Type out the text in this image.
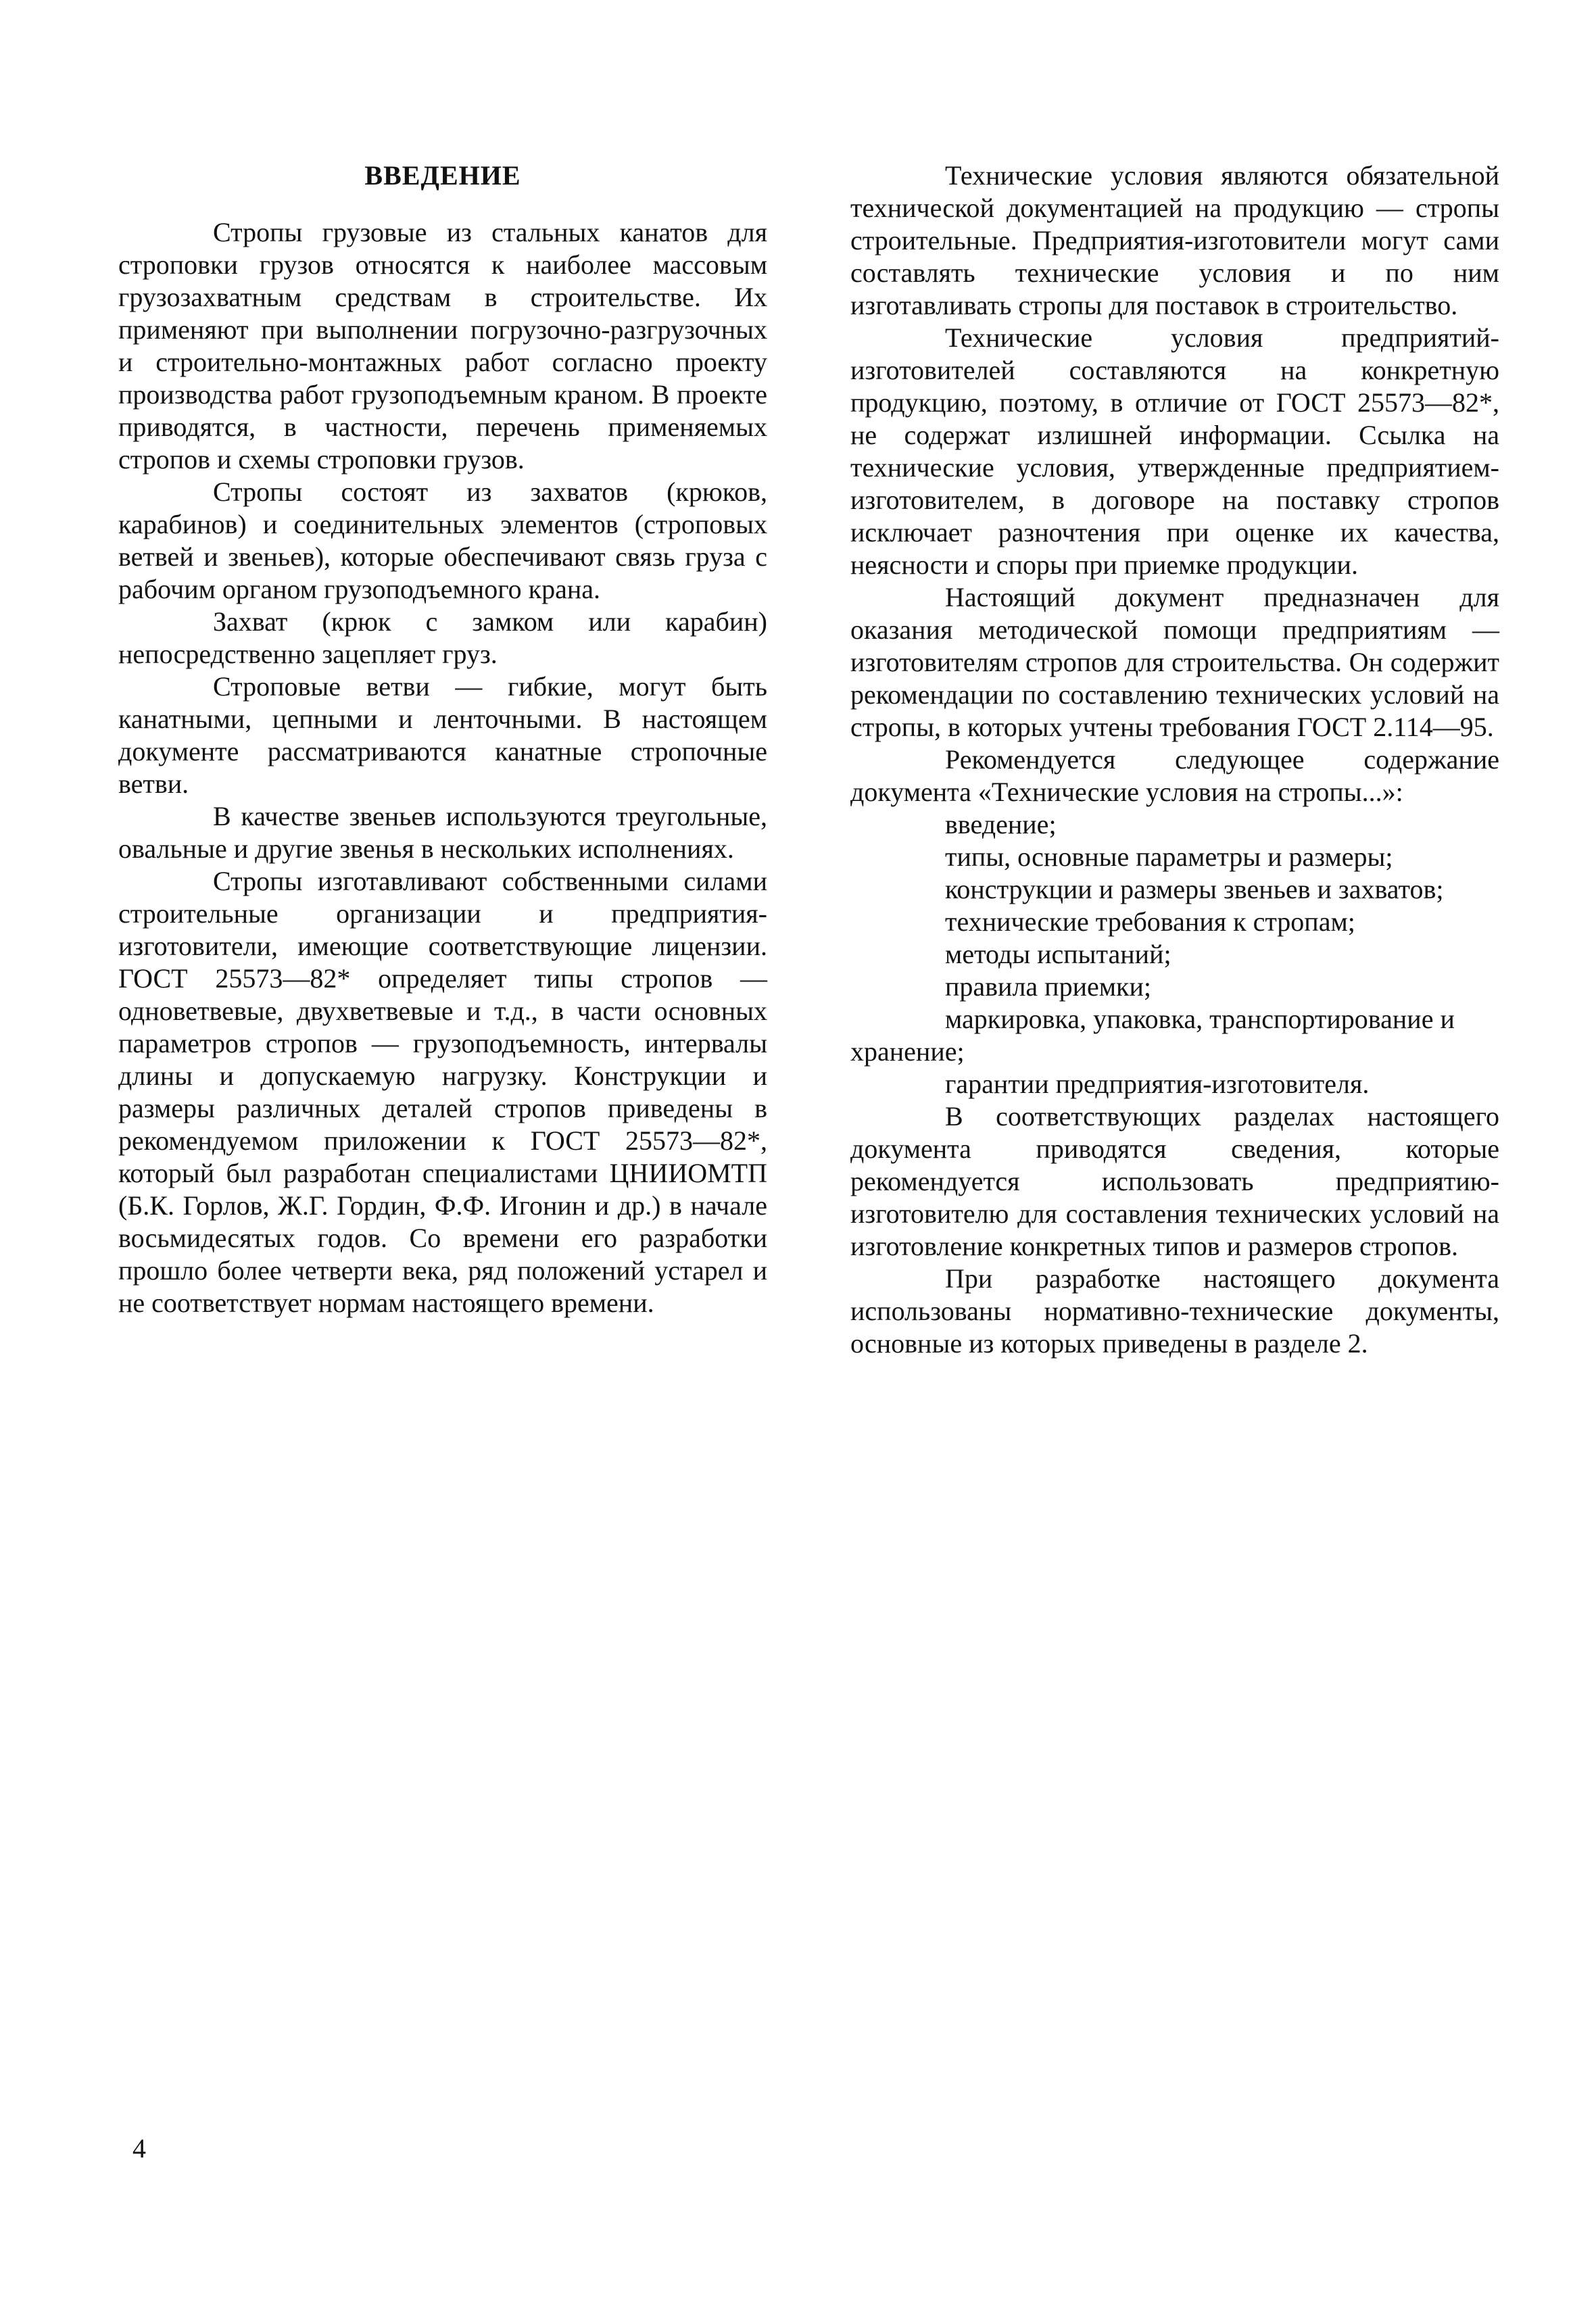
ВВЕДЕНИЕ

Стропы грузовые из стальных канатов для строповки грузов относятся к наиболее массовым грузозахватным средствам в строительстве. Их применяют при выполнении погрузочно-разгрузочных и строительно-монтажных работ согласно проекту производства работ грузоподъемным краном. В проекте приводятся, в частности, перечень применяемых стропов и схемы строповки грузов.

Стропы состоят из захватов (крюков, карабинов) и соединительных элементов (строповых ветвей и звеньев), которые обеспечивают связь груза с рабочим органом грузоподъемного крана.

Захват (крюк с замком или карабин) непосредственно зацепляет груз.

Строповые ветви — гибкие, могут быть канатными, цепными и ленточными. В настоящем документе рассматриваются канатные стропочные ветви.

В качестве звеньев используются треугольные, овальные и другие звенья в нескольких исполнениях.

Стропы изготавливают собственными силами строительные организации и предприятия-изготовители, имеющие соответствующие лицензии. ГОСТ 25573—82* определяет типы стропов — одноветвевые, двухветвевые и т.д., в части основных параметров стропов — грузоподъемность, интервалы длины и допускаемую нагрузку. Конструкции и размеры различных деталей стропов приведены в рекомендуемом приложении к ГОСТ 25573—82*, который был разработан специалистами ЦНИИОМТП (Б.К. Горлов, Ж.Г. Гордин, Ф.Ф. Игонин и др.) в начале восьмидесятых годов. Со времени его разработки прошло более четверти века, ряд положений устарел и не соответствует нормам настоящего времени.

Технические условия являются обязательной технической документацией на продукцию — стропы строительные. Предприятия-изготовители могут сами составлять технические условия и по ним изготавливать стропы для поставок в строительство.

Технические условия предприятий-изготовителей составляются на конкретную продукцию, поэтому, в отличие от ГОСТ 25573—82*, не содержат излишней информации. Ссылка на технические условия, утвержденные предприятием-изготовителем, в договоре на поставку стропов исключает разночтения при оценке их качества, неясности и споры при приемке продукции.

Настоящий документ предназначен для оказания методической помощи предприятиям — изготовителям стропов для строительства. Он содержит рекомендации по составлению технических условий на стропы, в которых учтены требования ГОСТ 2.114—95.

Рекомендуется следующее содержание документа «Технические условия на стропы...»:

введение;

типы, основные параметры и размеры;

конструкции и размеры звеньев и захватов;

технические требования к стропам;

методы испытаний;

правила приемки;

маркировка, упаковка, транспортирование и хранение;

гарантии предприятия-изготовителя.

В соответствующих разделах настоящего документа приводятся сведения, которые рекомендуется использовать предприятию-изготовителю для составления технических условий на изготовление конкретных типов и размеров стропов.

При разработке настоящего документа использованы нормативно-технические документы, основные из которых приведены в разделе 2.

4
